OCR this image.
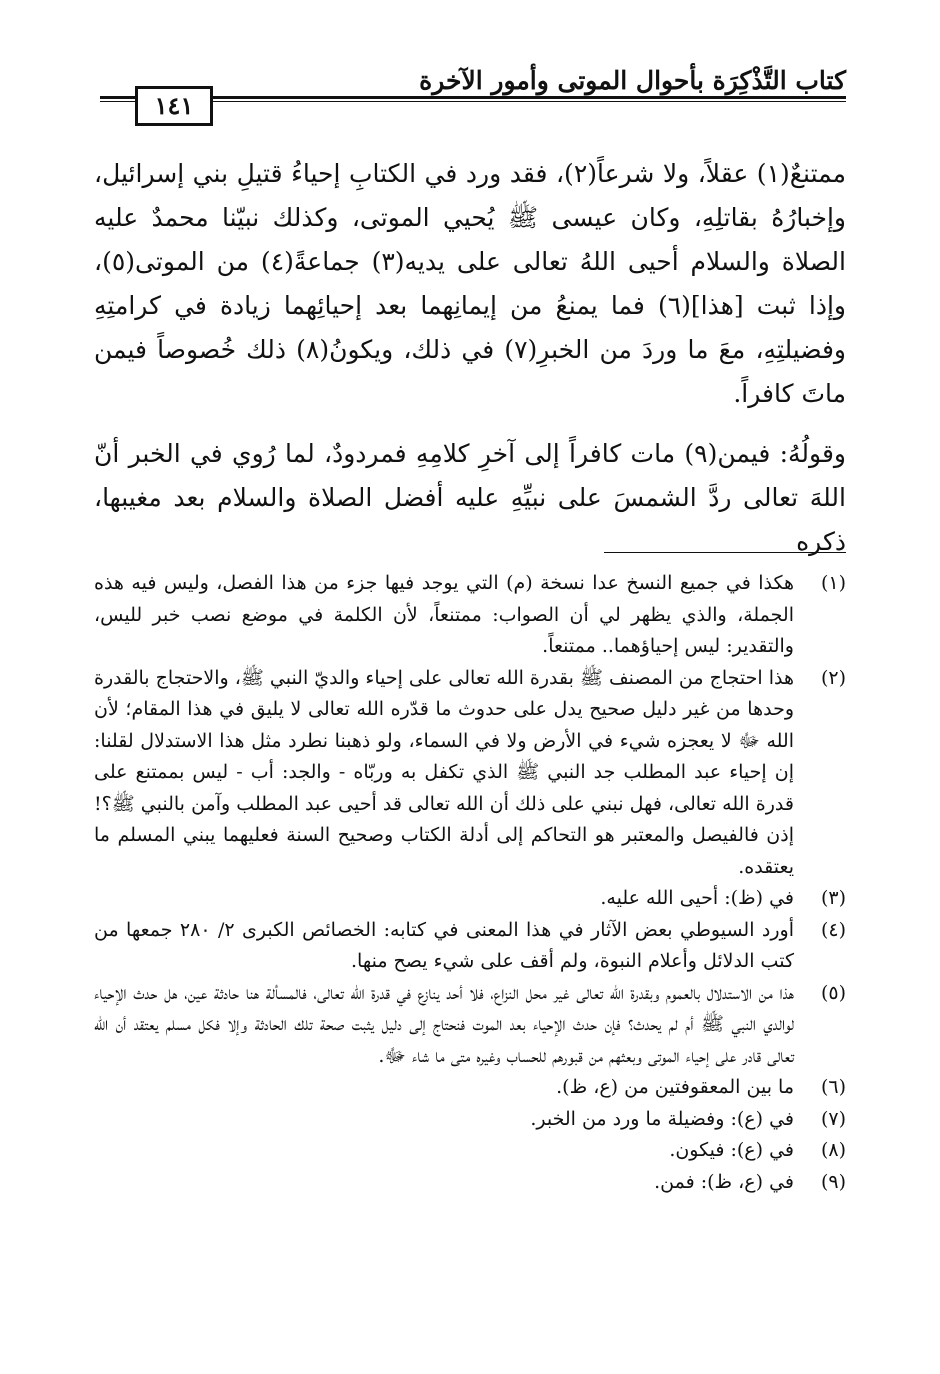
كتاب التَّذْكِرَة بأحوال الموتى وأمور الآخرة
١٤١

ممتنعٌ(١) عقلاً، ولا شرعاً(٢)، فقد ورد في الكتابِ إحياءُ قتيلِ بني إسرائيل، وإخبارُهُ بقاتلِهِ، وكان عيسى ﷺ يُحيي الموتى، وكذلك نبيّنا محمدٌ عليه الصلاة والسلام أحيى اللهُ تعالى على يديه(٣) جماعةً(٤) من الموتى(٥)، وإذا ثبت [هذا](٦) فما يمنعُ من إيمانِهما بعد إحيائِهما زيادة في كرامتِهِ وفضيلتِهِ، معَ ما وردَ من الخبرِ(٧) في ذلك، ويكونُ(٨) ذلك خُصوصاً فيمن ماتَ كافراً.

وقولُهُ: فيمن(٩) مات كافراً إلى آخرِ كلامِهِ فمردودٌ، لما رُوي في الخبر أنّ اللهَ تعالى ردَّ الشمسَ على نبيِّهِ عليه أفضل الصلاة والسلام بعد مغيبها، ذكره

(١)
هكذا في جميع النسخ عدا نسخة (م) التي يوجد فيها جزء من هذا الفصل، وليس فيه هذه الجملة، والذي يظهر لي أن الصواب: ممتنعاً، لأن الكلمة في موضع نصب خبر لليس، والتقدير: ليس إحياؤهما.. ممتنعاً.
(٢)
هذا احتجاج من المصنف ﷺ بقدرة الله تعالى على إحياء والديّ النبي ﷺ، والاحتجاج بالقدرة وحدها من غير دليل صحيح يدل على حدوث ما قدّره الله تعالى لا يليق في هذا المقام؛ لأن الله ﷻ لا يعجزه شيء في الأرض ولا في السماء، ولو ذهبنا نطرد مثل هذا الاستدلال لقلنا: إن إحياء عبد المطلب جد النبي ﷺ الذي تكفل به وربّاه - والجد: أب - ليس بممتنع على قدرة الله تعالى، فهل نبني على ذلك أن الله تعالى قد أحيى عبد المطلب وآمن بالنبي ﷺ؟! إذن فالفيصل والمعتبر هو التحاكم إلى أدلة الكتاب وصحيح السنة فعليهما يبني المسلم ما يعتقده.
(٣)
في (ظ): أحيى الله عليه.
(٤)
أورد السيوطي بعض الآثار في هذا المعنى في كتابه: الخصائص الكبرى ٢/ ٢٨٠ جمعها من كتب الدلائل وأعلام النبوة، ولم أقف على شيء يصح منها.
(٥)
هذا من الاستدلال بالعموم وبقدرة الله تعالى غير محل النزاع، فلا أحد ينازع في قدرة الله تعالى، فالمسألة هنا حادثة عين، هل حدث الإحياء لوالدي النبي ﷺ أم لم يحدث؟ فإن حدث الإحياء بعد الموت فنحتاج إلى دليل يثبت صحة تلك الحادثة وإلا فكل مسلم يعتقد أن الله تعالى قادر على إحياء الموتى وبعثهم من قبورهم للحساب وغيره متى ما شاء ﷻ.
(٦)
ما بين المعقوفتين من (ع، ظ).
(٧)
في (ع): وفضيلة ما ورد من الخبر.
(٨)
في (ع): فيكون.
(٩)
في (ع، ظ): فمن.
